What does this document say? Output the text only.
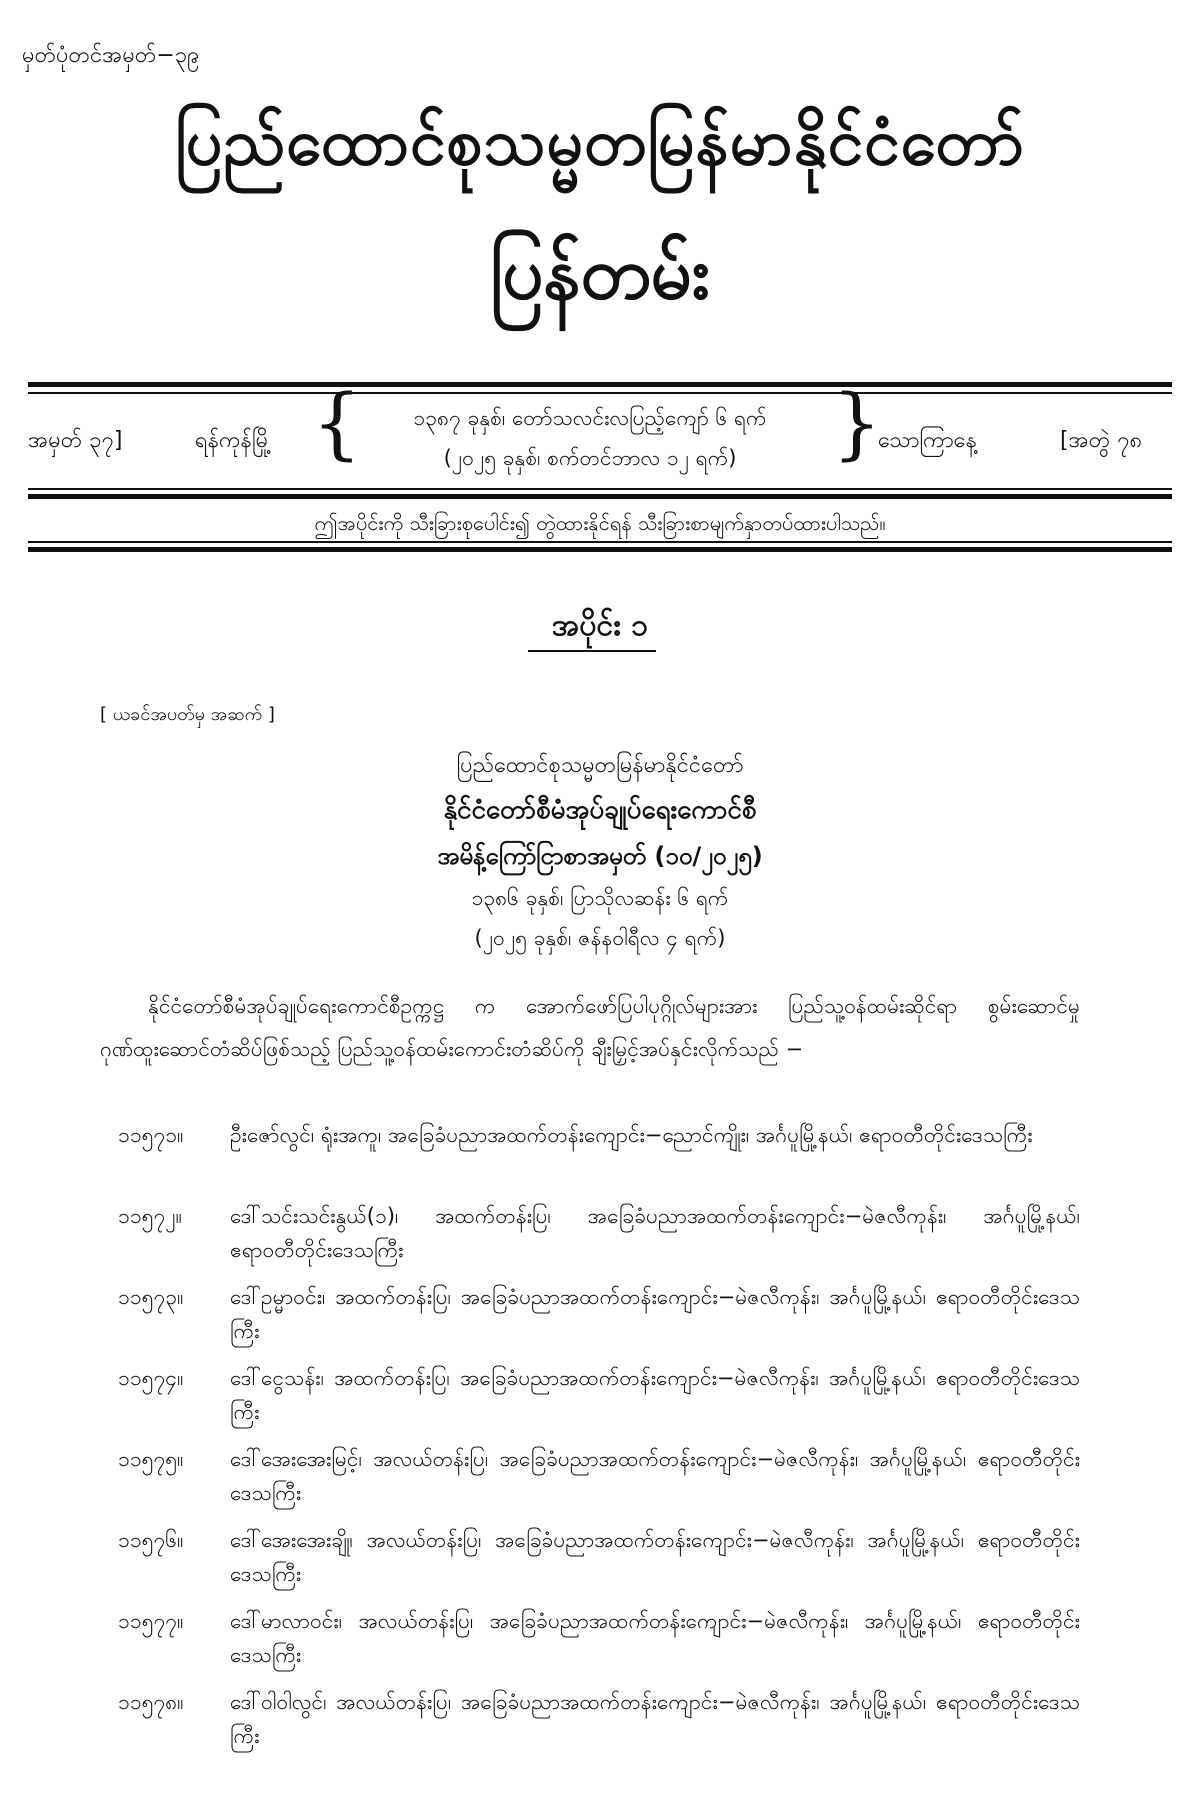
မှတ်ပုံတင်အမှတ်−၃၉
ပြည်ထောင်စုသမ္မတမြန်မာနိုင်ငံတော်
ပြန်တမ်း
အမှတ် ၃၇]	ရန်ကုန်မြို့ {	၁၃၈၇ ခုနှစ်၊ တော်သလင်းလပြည့်ကျော် ၆ ရက်
(၂၀၂၅ ခုနှစ်၊ စက်တင်ဘာလ ၁၂ ရက်)	}
သောကြာနေ့	[အတွဲ ၇၈
ဤအပိုင်းကို သီးခြားစုပေါင်း၍ တွဲထားနိုင်ရန် သီးခြားစာမျက်နှာတပ်ထားပါသည်။
အပိုင်း ၁
[ ယခင်အပတ်မှ အဆက် ]
ပြည်ထောင်စုသမ္မတမြန်မာနိုင်ငံတော်
နိုင်ငံတော်စီမံအုပ်ချုပ်ရေးကောင်စီ
အမိန့်ကြော်ငြာစာအမှတ် (၁၀/၂၀၂၅)
၁၃၈၆ ခုနှစ်၊ ပြာသိုလဆန်း ၆ ရက်
(၂၀၂၅ ခုနှစ်၊ ဇန်နဝါရီလ ၄ ရက်)
နိုင်ငံတော်စီမံအုပ်ချုပ်ရေးကောင်စီဥက္ကဋ္ဌ က အောက်ဖော်ပြပါပုဂ္ဂိုလ်များအား ပြည်သူ့ဝန်ထမ်းဆိုင်ရာ စွမ်းဆောင်မှုဂုဏ်ထူးဆောင်တံဆိပ်ဖြစ်သည့် ပြည်သူ့ဝန်ထမ်းကောင်းတံဆိပ်ကို ချီးမြှင့်အပ်နှင်းလိုက်သည် −
၁၁၅၇၁။	ဦးဇော်လွင်၊ ရုံးအကူ၊ အခြေခံပညာအထက်တန်းကျောင်း−ညောင်ကျိုး၊ အင်္ဂပူမြို့နယ်၊ ဧရာဝတီတိုင်းဒေသကြီး
၁၁၅၇၂။	ဒေါ်သင်းသင်းနွယ်(၁)၊ အထက်တန်းပြ၊ အခြေခံပညာအထက်တန်းကျောင်း−မဲဇလီကုန်း၊ အင်္ဂပူမြို့နယ်၊ ဧရာဝတီတိုင်းဒေသကြီး
၁၁၅၇၃။	ဒေါ်ဥမ္မာဝင်း၊ အထက်တန်းပြ၊ အခြေခံပညာအထက်တန်းကျောင်း−မဲဇလီကုန်း၊ အင်္ဂပူမြို့နယ်၊ ဧရာဝတီတိုင်းဒေသကြီး
၁၁၅၇၄။	ဒေါ်ငွေသန်း၊ အထက်တန်းပြ၊ အခြေခံပညာအထက်တန်းကျောင်း−မဲဇလီကုန်း၊ အင်္ဂပူမြို့နယ်၊ ဧရာဝတီတိုင်းဒေသကြီး
၁၁၅၇၅။	ဒေါ်အေးအေးမြင့်၊ အလယ်တန်းပြ၊ အခြေခံပညာအထက်တန်းကျောင်း−မဲဇလီကုန်း၊ အင်္ဂပူမြို့နယ်၊ ဧရာဝတီတိုင်းဒေသကြီး
၁၁၅၇၆။	ဒေါ်အေးအေးချို၊ အလယ်တန်းပြ၊ အခြေခံပညာအထက်တန်းကျောင်း−မဲဇလီကုန်း၊ အင်္ဂပူမြို့နယ်၊ ဧရာဝတီတိုင်းဒေသကြီး
၁၁၅၇၇။	ဒေါ်မာလာဝင်း၊ အလယ်တန်းပြ၊ အခြေခံပညာအထက်တန်းကျောင်း−မဲဇလီကုန်း၊ အင်္ဂပူမြို့နယ်၊ ဧရာဝတီတိုင်းဒေသကြီး
၁၁၅၇၈။	ဒေါ်ဝါဝါလွင်၊ အလယ်တန်းပြ၊ အခြေခံပညာအထက်တန်းကျောင်း−မဲဇလီကုန်း၊ အင်္ဂပူမြို့နယ်၊ ဧရာဝတီတိုင်းဒေသကြီး
